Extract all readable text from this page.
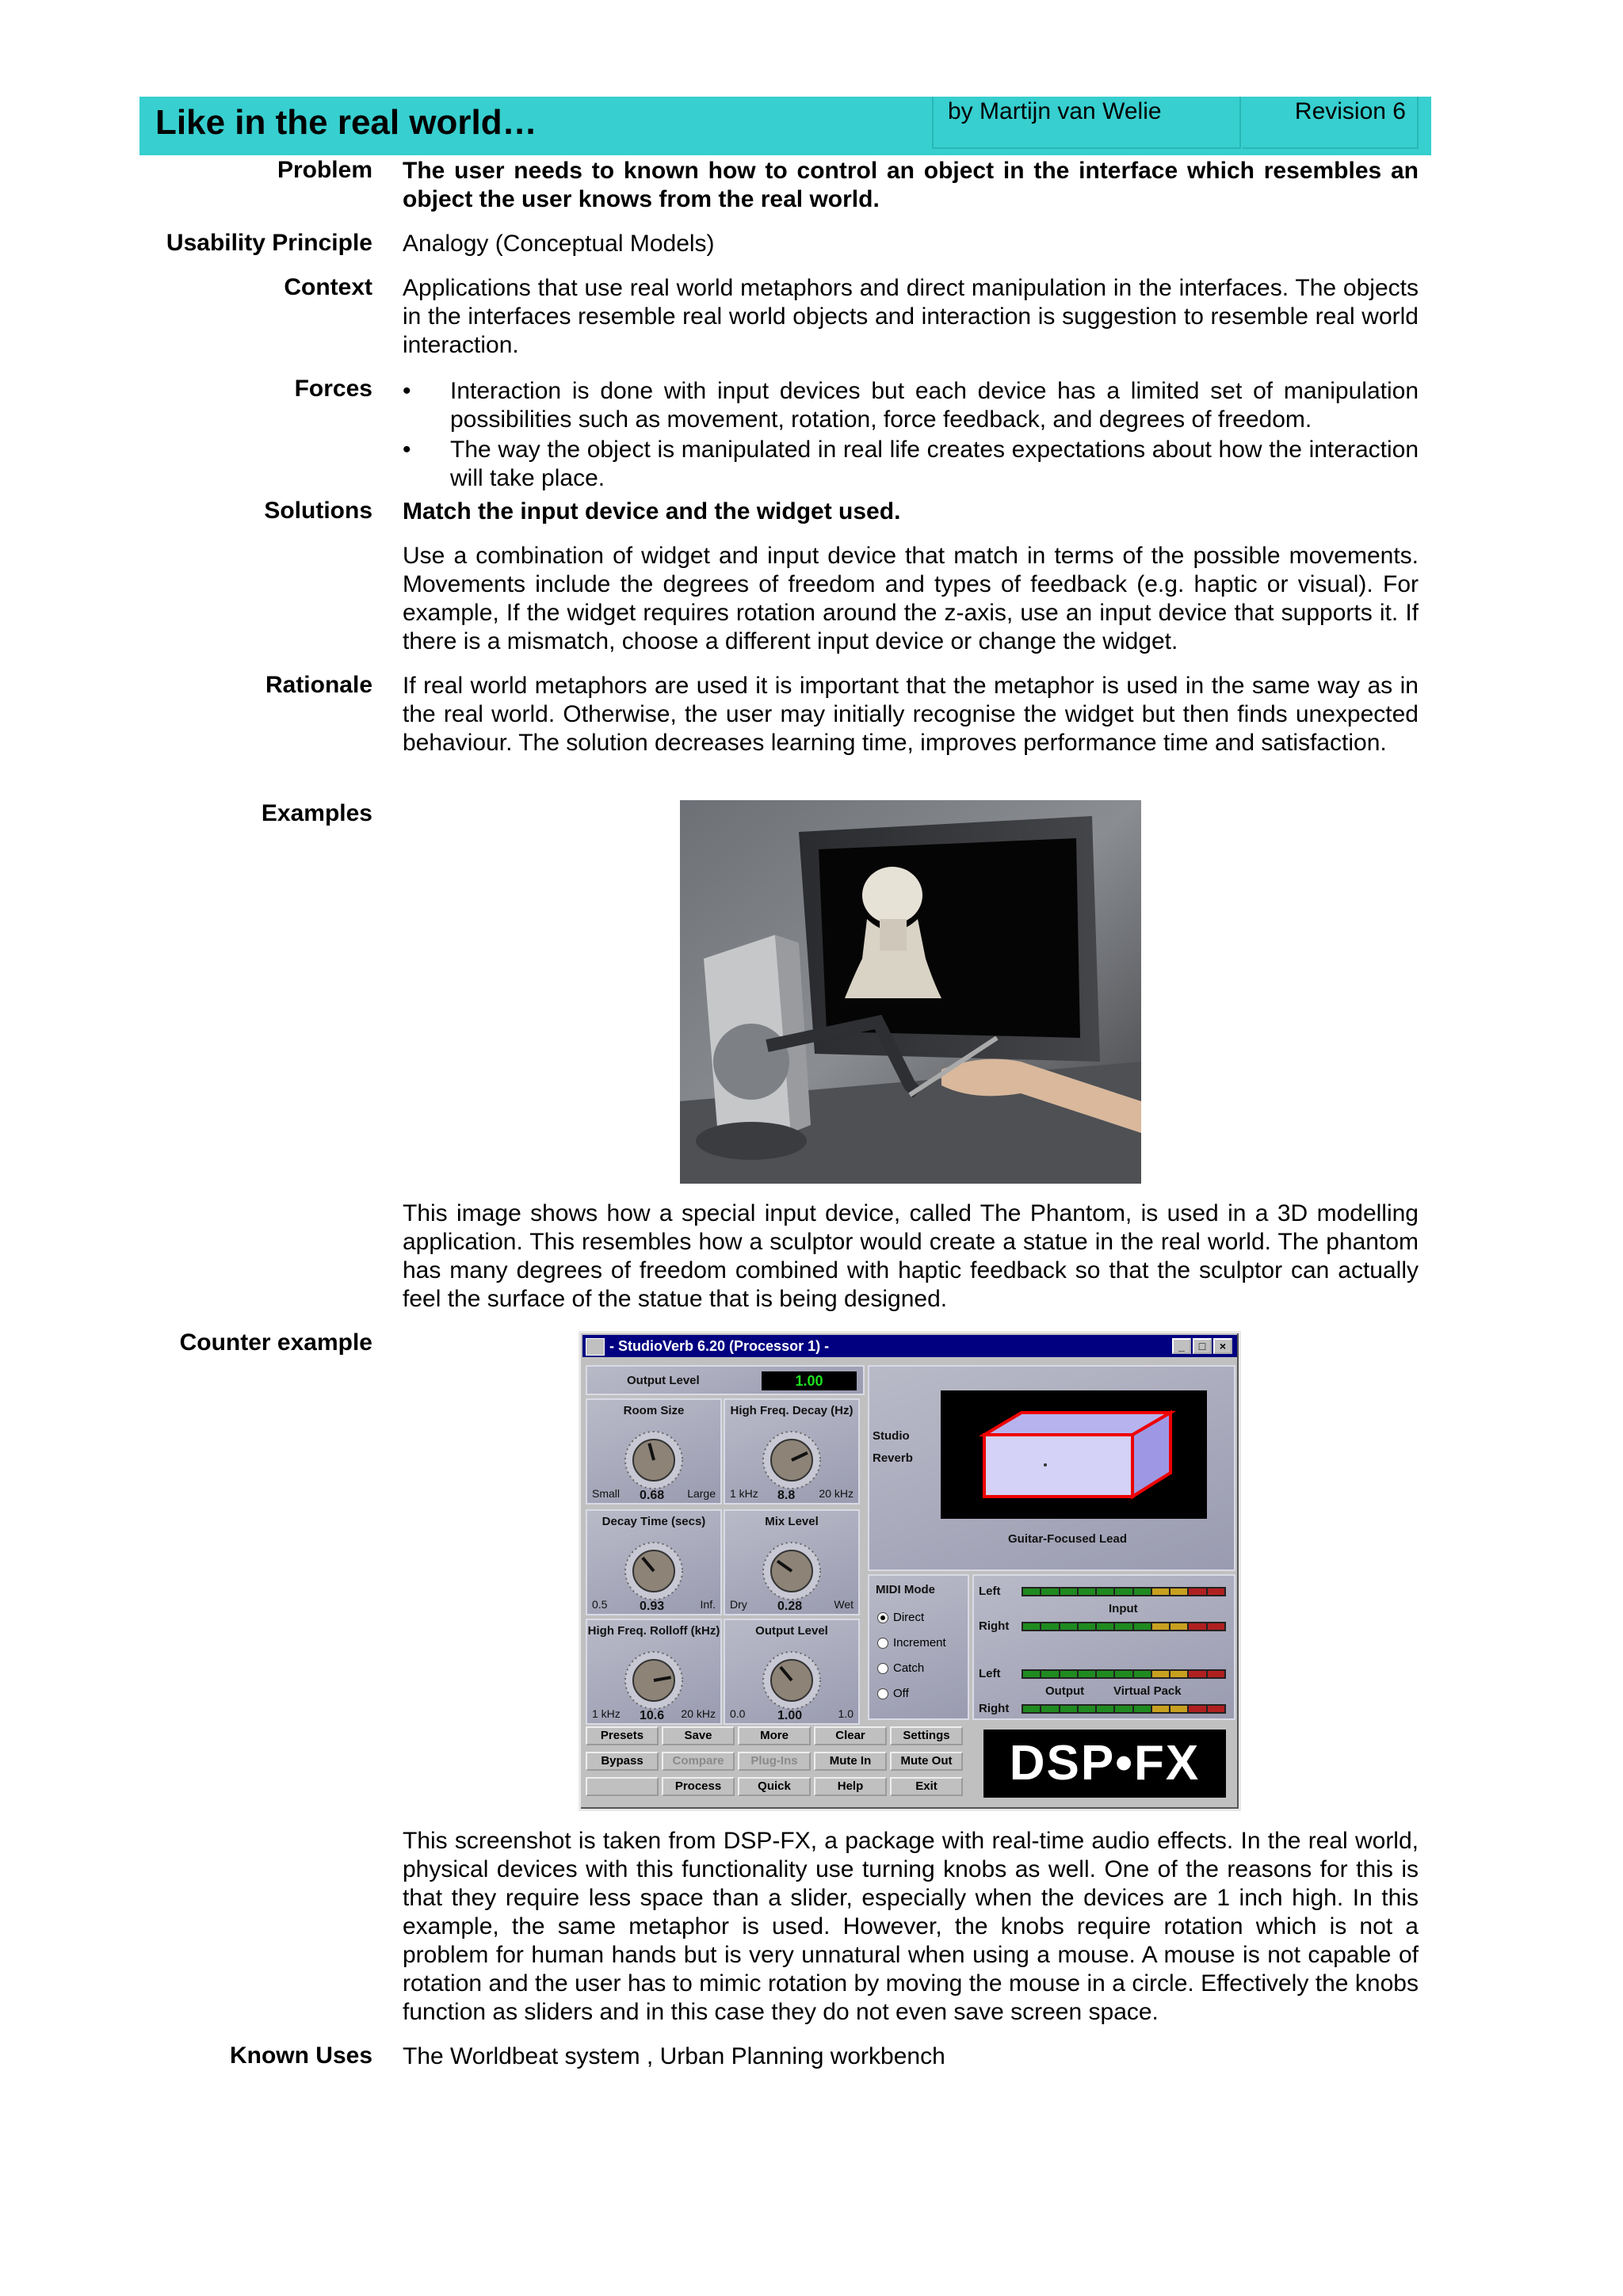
Like in the real world…	by Martijn van Welie	Revision 6
Problem The user needs to known how to control an object in the interface which resembles an object the user knows from the real world.
Usability Principle Analogy (Conceptual Models)
Context Applications that use real world metaphors and direct manipulation in the interfaces. The objects in the interfaces resemble real world objects and interaction is suggestion to resemble real world interaction.
Forces • Interaction is done with input devices but each device has a limited set of manipulation possibilities such as movement, rotation, force feedback, and degrees of freedom.
• The way the object is manipulated in real life creates expectations about how the interaction will take place.
Solutions Match the input device and the widget used.
Use a combination of widget and input device that match in terms of the possible movements. Movements include the degrees of freedom and types of feedback (e.g. haptic or visual). For example, If the widget requires rotation around the z-axis, use an input device that supports it. If there is a mismatch, choose a different input device or change the widget.
Rationale If real world metaphors are used it is important that the metaphor is used in the same way as in the real world. Otherwise, the user may initially recognise the widget but then finds unexpected behaviour. The solution decreases learning time, improves performance time and satisfaction.
Examples
This image shows how a special input device, called The Phantom, is used in a 3D modelling application. This resembles how a sculptor would create a statue in the real world. The phantom has many degrees of freedom combined with haptic feedback so that the sculptor can actually feel the surface of the statue that is being designed.
Counter example	- StudioVerb 6.20 (Processor 1) -	_	□	×
Output Level	1.00
Room Size
Small	Large
0.68
High Freq. Decay (Hz)
1 kHz	20 kHz
8.8
Decay Time (secs)
0.5	Inf.
0.93
Mix Level
Dry	Wet
0.28
High Freq. Rolloff (kHz)
1 kHz	20 kHz
10.6
Output Level
0.0	1.0
1.00
Studio
Reverb
Guitar-Focused Lead
MIDI Mode
Direct
Increment
Catch
Off
Left
Input
Right
Left
Output Virtual Pack
Right
Presets	Save	More	Clear	Settings
Bypass	Compare	Plug-Ins	Mute In	Mute Out
Process	Quick	Help	Exit	DSP•FX
This screenshot is taken from DSP-FX, a package with real-time audio effects. In the real world, physical devices with this functionality use turning knobs as well. One of the reasons for this is that they require less space than a slider, especially when the devices are 1 inch high. In this example, the same metaphor is used. However, the knobs require rotation which is not a problem for human hands but is very unnatural when using a mouse. A mouse is not capable of rotation and the user has to mimic rotation by moving the mouse in a circle. Effectively the knobs function as sliders and in this case they do not even save screen space.
Known Uses The Worldbeat system , Urban Planning workbench
